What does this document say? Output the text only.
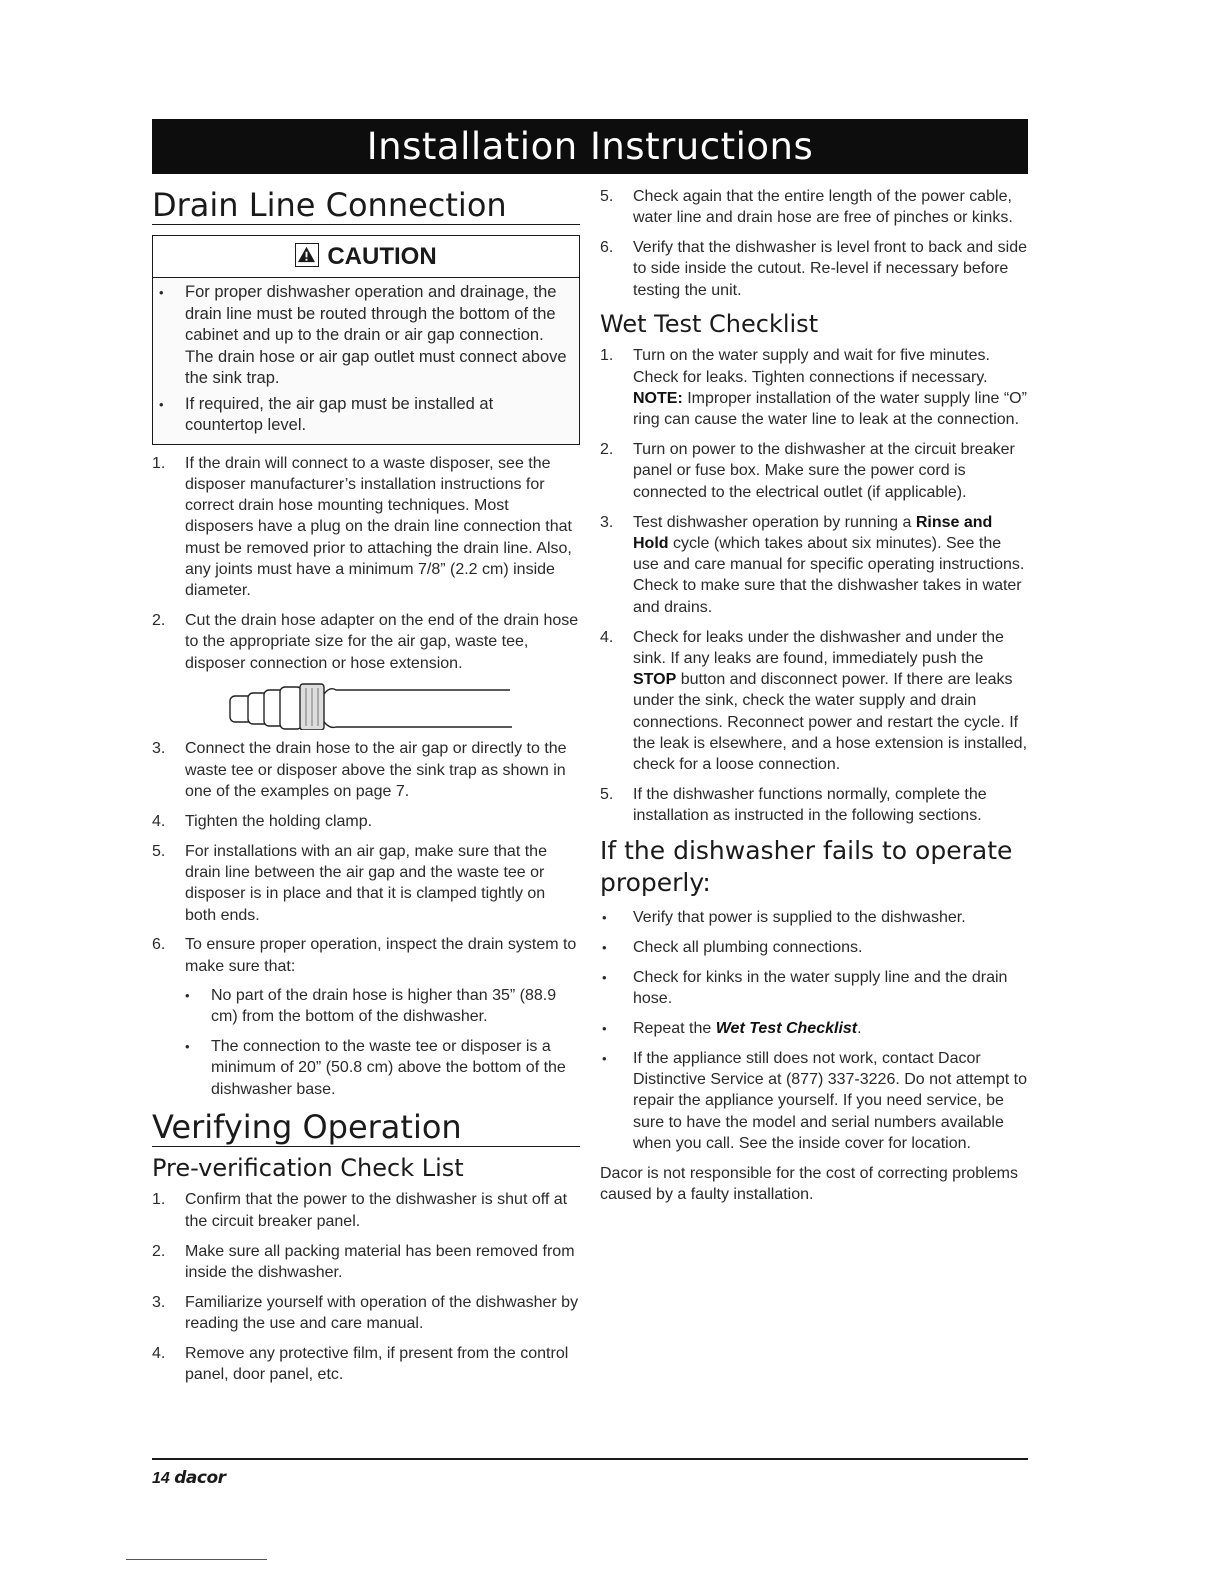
Installation Instructions
Drain Line Connection
CAUTION
• For proper dishwasher operation and drainage, the drain line must be routed through the bottom of the cabinet and up to the drain or air gap connection. The drain hose or air gap outlet must connect above the sink trap.
• If required, the air gap must be installed at countertop level.
1. If the drain will connect to a waste disposer, see the disposer manufacturer’s installation instructions for correct drain hose mounting techniques. Most disposers have a plug on the drain line connection that must be removed prior to attaching the drain line. Also, any joints must have a minimum 7/8” (2.2 cm) inside diameter.
2. Cut the drain hose adapter on the end of the drain hose to the appropriate size for the air gap, waste tee, disposer connection or hose extension.
3. Connect the drain hose to the air gap or directly to the waste tee or disposer above the sink trap as shown in one of the examples on page 7.
4. Tighten the holding clamp.
5. For installations with an air gap, make sure that the drain line between the air gap and the waste tee or disposer is in place and that it is clamped tightly on both ends.
6. To ensure proper operation, inspect the drain system to make sure that:
• No part of the drain hose is higher than 35” (88.9 cm) from the bottom of the dishwasher.
• The connection to the waste tee or disposer is a minimum of 20” (50.8 cm) above the bottom of the dishwasher base.
Verifying Operation
Pre-verification Check List
1. Confirm that the power to the dishwasher is shut off at the circuit breaker panel.
2. Make sure all packing material has been removed from inside the dishwasher.
3. Familiarize yourself with operation of the dishwasher by reading the use and care manual.
4. Remove any protective film, if present from the control panel, door panel, etc.
5. Check again that the entire length of the power cable, water line and drain hose are free of pinches or kinks.
6. Verify that the dishwasher is level front to back and side to side inside the cutout. Re-level if necessary before testing the unit.
Wet Test Checklist
1. Turn on the water supply and wait for five minutes. Check for leaks. Tighten connections if necessary. NOTE: Improper installation of the water supply line “O” ring can cause the water line to leak at the connection.
2. Turn on power to the dishwasher at the circuit breaker panel or fuse box. Make sure the power cord is connected to the electrical outlet (if applicable).
3. Test dishwasher operation by running a Rinse and Hold cycle (which takes about six minutes). See the use and care manual for specific operating instructions. Check to make sure that the dishwasher takes in water and drains.
4. Check for leaks under the dishwasher and under the sink. If any leaks are found, immediately push the STOP button and disconnect power. If there are leaks under the sink, check the water supply and drain connections. Reconnect power and restart the cycle. If the leak is elsewhere, and a hose extension is installed, check for a loose connection.
5. If the dishwasher functions normally, complete the installation as instructed in the following sections.
If the dishwasher fails to operate properly:
• Verify that power is supplied to the dishwasher.
• Check all plumbing connections.
• Check for kinks in the water supply line and the drain hose.
• Repeat the Wet Test Checklist.
• If the appliance still does not work, contact Dacor Distinctive Service at (877) 337-3226. Do not attempt to repair the appliance yourself. If you need service, be sure to have the model and serial numbers available when you call. See the inside cover for location.

Dacor is not responsible for the cost of correcting problems caused by a faulty installation.

14 dacor
